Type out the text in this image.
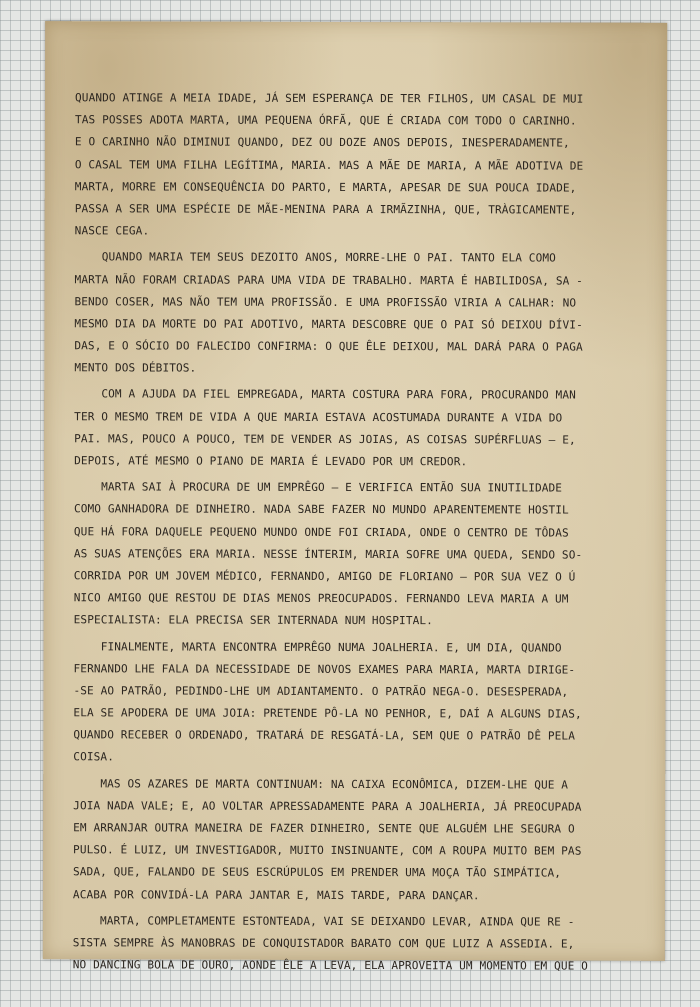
QUANDO ATINGE A MEIA IDADE, JÁ SEM ESPERANÇA DE TER FILHOS, UM CASAL DE MUI
TAS POSSES ADOTA MARTA, UMA PEQUENA ÓRFÃ, QUE É CRIADA COM TODO O CARINHO.
E O CARINHO NÃO DIMINUI QUANDO, DEZ OU DOZE ANOS DEPOIS, INESPERADAMENTE,
O CASAL TEM UMA FILHA LEGÍTIMA, MARIA. MAS A MÃE DE MARIA, A MÃE ADOTIVA DE
MARTA, MORRE EM CONSEQUÊNCIA DO PARTO, E MARTA, APESAR DE SUA POUCA IDADE,
PASSA A SER UMA ESPÉCIE DE MÃE-MENINA PARA A IRMÃZINHA, QUE, TRÀGICAMENTE,
NASCE CEGA.
QUANDO MARIA TEM SEUS DEZOITO ANOS, MORRE-LHE O PAI. TANTO ELA COMO
MARTA NÃO FORAM CRIADAS PARA UMA VIDA DE TRABALHO. MARTA É HABILIDOSA, SA -
BENDO COSER, MAS NÃO TEM UMA PROFISSÃO. E UMA PROFISSÃO VIRIA A CALHAR: NO
MESMO DIA DA MORTE DO PAI ADOTIVO, MARTA DESCOBRE QUE O PAI SÓ DEIXOU DÍVI-
DAS, E O SÓCIO DO FALECIDO CONFIRMA: O QUE ÊLE DEIXOU, MAL DARÁ PARA O PAGA
MENTO DOS DÉBITOS.
COM A AJUDA DA FIEL EMPREGADA, MARTA COSTURA PARA FORA, PROCURANDO MAN
TER O MESMO TREM DE VIDA A QUE MARIA ESTAVA ACOSTUMADA DURANTE A VIDA DO
PAI. MAS, POUCO A POUCO, TEM DE VENDER AS JOIAS, AS COISAS SUPÉRFLUAS — E,
DEPOIS, ATÉ MESMO O PIANO DE MARIA É LEVADO POR UM CREDOR.
MARTA SAI À PROCURA DE UM EMPRÊGO — E VERIFICA ENTÃO SUA INUTILIDADE
COMO GANHADORA DE DINHEIRO. NADA SABE FAZER NO MUNDO APARENTEMENTE HOSTIL
QUE HÁ FORA DAQUELE PEQUENO MUNDO ONDE FOI CRIADA, ONDE O CENTRO DE TÔDAS
AS SUAS ATENÇÕES ERA MARIA. NESSE ÍNTERIM, MARIA SOFRE UMA QUEDA, SENDO SO-
CORRIDA POR UM JOVEM MÉDICO, FERNANDO, AMIGO DE FLORIANO — POR SUA VEZ O Ú
NICO AMIGO QUE RESTOU DE DIAS MENOS PREOCUPADOS. FERNANDO LEVA MARIA A UM
ESPECIALISTA: ELA PRECISA SER INTERNADA NUM HOSPITAL.
FINALMENTE, MARTA ENCONTRA EMPRÊGO NUMA JOALHERIA. E, UM DIA, QUANDO
FERNANDO LHE FALA DA NECESSIDADE DE NOVOS EXAMES PARA MARIA, MARTA DIRIGE-
-SE AO PATRÃO, PEDINDO-LHE UM ADIANTAMENTO. O PATRÃO NEGA-O. DESESPERADA,
ELA SE APODERA DE UMA JOIA: PRETENDE PÔ-LA NO PENHOR, E, DAÍ A ALGUNS DIAS,
QUANDO RECEBER O ORDENADO, TRATARÁ DE RESGATÁ-LA, SEM QUE O PATRÃO DÊ PELA
COISA.
MAS OS AZARES DE MARTA CONTINUAM: NA CAIXA ECONÔMICA, DIZEM-LHE QUE A
JOIA NADA VALE; E, AO VOLTAR APRESSADAMENTE PARA A JOALHERIA, JÁ PREOCUPADA
EM ARRANJAR OUTRA MANEIRA DE FAZER DINHEIRO, SENTE QUE ALGUÉM LHE SEGURA O
PULSO. É LUIZ, UM INVESTIGADOR, MUITO INSINUANTE, COM A ROUPA MUITO BEM PAS
SADA, QUE, FALANDO DE SEUS ESCRÚPULOS EM PRENDER UMA MOÇA TÃO SIMPÁTICA,
ACABA POR CONVIDÁ-LA PARA JANTAR E, MAIS TARDE, PARA DANÇAR.
MARTA, COMPLETAMENTE ESTONTEADA, VAI SE DEIXANDO LEVAR, AINDA QUE RE -
SISTA SEMPRE ÀS MANOBRAS DE CONQUISTADOR BARATO COM QUE LUIZ A ASSEDIA. E,
NO DANCING BOLA DE OURO, AONDE ÊLE A LEVA, ELA APROVEITA UM MOMENTO EM QUE O
